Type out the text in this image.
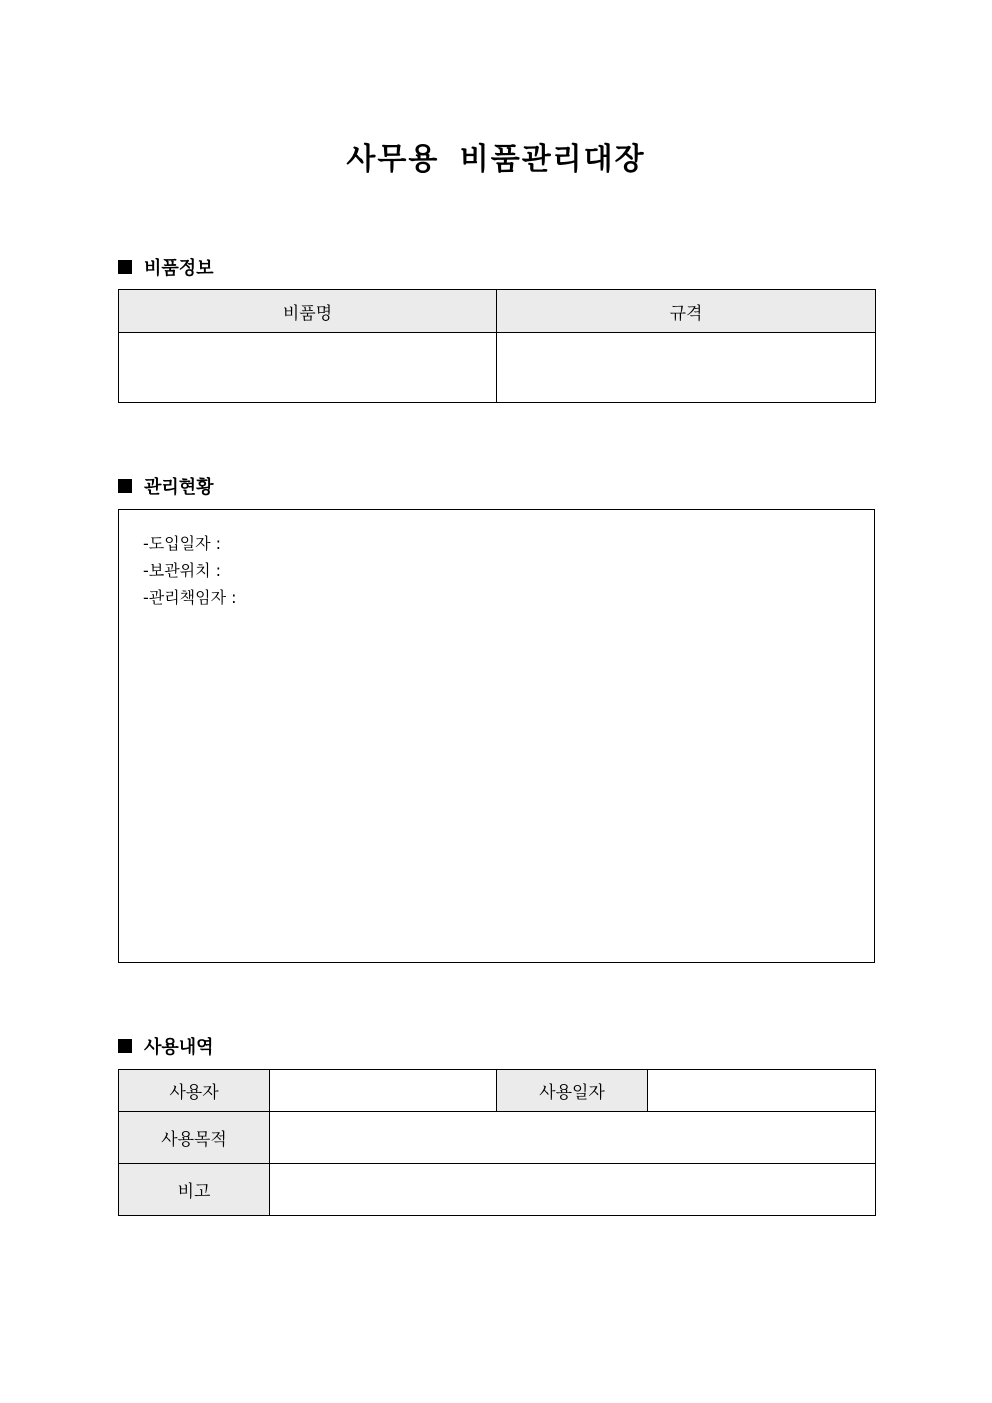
사무용 비품관리대장
비품정보
비품명	규격

관리현황
-도입일자 :
-보관위치 :
-관리책임자 :
사용내역
사용자		사용일자	
사용목적			
비고			
